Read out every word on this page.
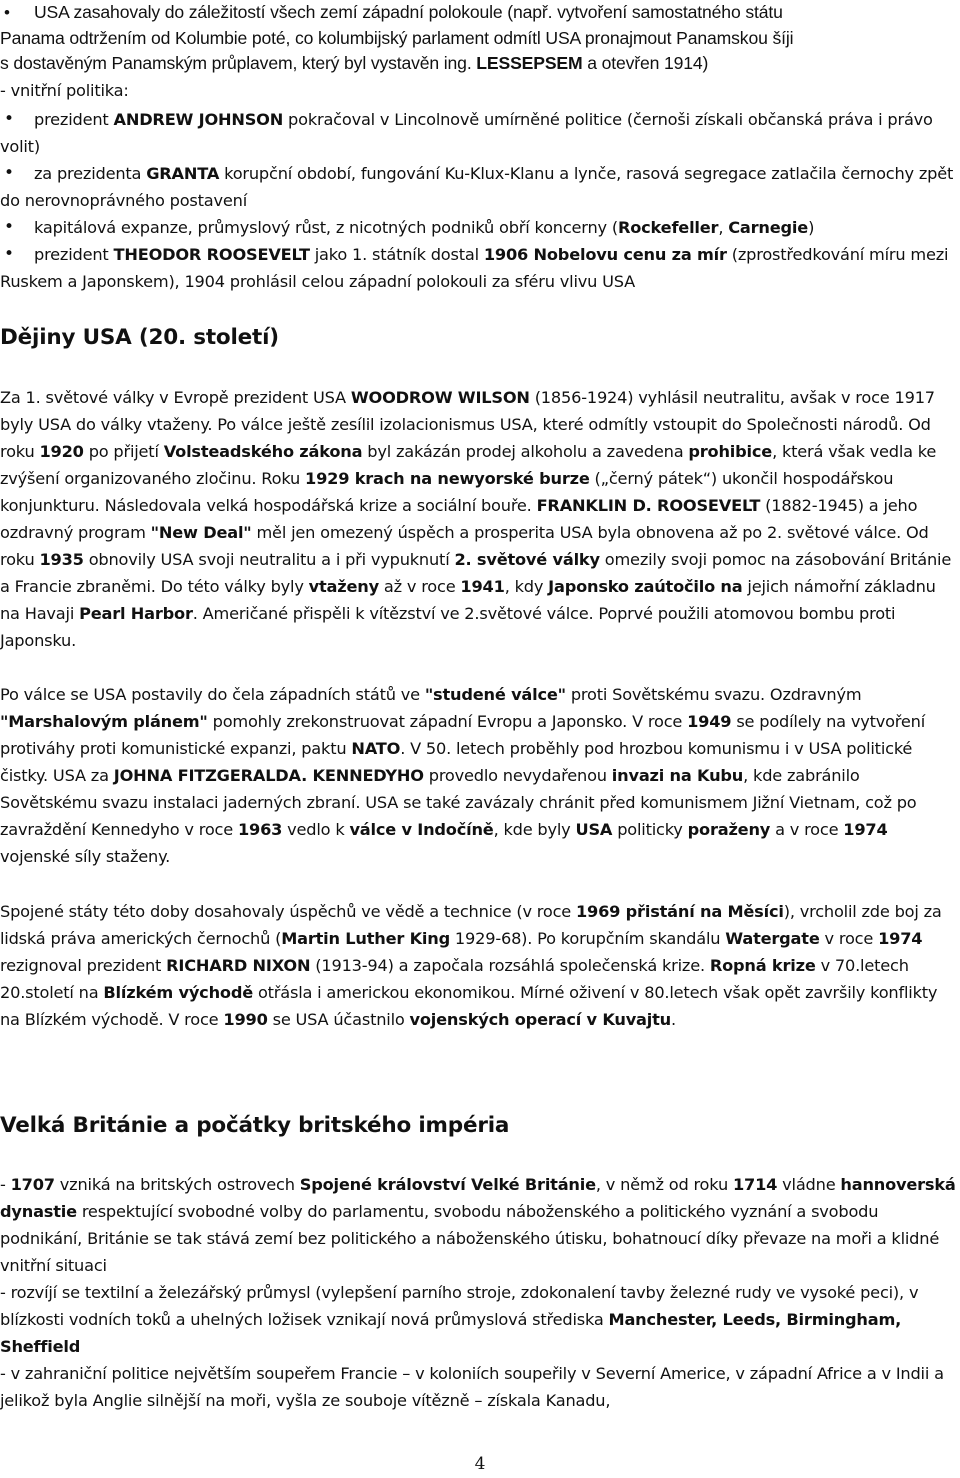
• USA zasahovaly do záležitostí všech zemí západní polokoule (např. vytvoření samostatného státu
Panama odtržením od Kolumbie poté, co kolumbijský parlament odmítl USA pronajmout Panamskou šíji
s dostavěným Panamským průplavem, který byl vystavěn ing. LESSEPSEM a otevřen 1914)
- vnitřní politika:

• prezident ANDREW JOHNSON pokračoval v Lincolnově umírněné politice (černoši získali občanská práva i právo volit)

• za prezidenta GRANTA korupční období, fungování Ku-Klux-Klanu a lynče, rasová segregace zatlačila černochy zpět do nerovnoprávného postavení

• kapitálová expanze, průmyslový růst, z nicotných podniků obří koncerny (Rockefeller, Carnegie)

• prezident THEODOR ROOSEVELT jako 1. státník dostal 1906 Nobelovu cenu za mír (zprostředkování míru mezi Ruskem a Japonskem), 1904 prohlásil celou západní polokouli za sféru vlivu USA

Dějiny USA (20. století)
Za 1. světové války v Evropě prezident USA WOODROW WILSON (1856-1924) vyhlásil neutralitu, avšak v roce 1917 byly USA do války vtaženy. Po válce ještě zesílil izolacionismus USA, které odmítly vstoupit do Společnosti národů. Od roku 1920 po přijetí Volsteadského zákona byl zakázán prodej alkoholu a zavedena prohibice, která však vedla ke zvýšení organizovaného zločinu. Roku 1929 krach na newyorské burze („černý pátek“) ukončil hospodářskou konjunkturu. Následovala velká hospodářská krize a sociální bouře. FRANKLIN D. ROOSEVELT (1882-1945) a jeho ozdravný program "New Deal" měl jen omezený úspěch a prosperita USA byla obnovena až po 2. světové válce. Od roku 1935 obnovily USA svoji neutralitu a i při vypuknutí 2. světové války omezily svoji pomoc na zásobování Británie a Francie zbraněmi. Do této války byly vtaženy až v roce 1941, kdy Japonsko zaútočilo na jejich námořní základnu na Havaji Pearl Harbor. Američané přispěli k vítězství ve 2.světové válce. Poprvé použili atomovou bombu proti Japonsku.
Po válce se USA postavily do čela západních států ve "studené válce" proti Sovětskému svazu. Ozdravným "Marshalovým plánem" pomohly zrekonstruovat západní Evropu a Japonsko. V roce 1949 se podílely na vytvoření protiváhy proti komunistické expanzi, paktu NATO. V 50. letech proběhly pod hrozbou komunismu i v USA politické čistky. USA za JOHNA FITZGERALDA. KENNEDYHO provedlo nevydařenou invazi na Kubu, kde zabránilo Sovětskému svazu instalaci jaderných zbraní. USA se také zavázaly chránit před komunismem Jižní Vietnam, což po zavraždění Kennedyho v roce 1963 vedlo k válce v Indočíně, kde byly USA politicky poraženy a v roce 1974 vojenské síly staženy.
Spojené státy této doby dosahovaly úspěchů ve vědě a technice (v roce 1969 přistání na Měsíci), vrcholil zde boj za lidská práva amerických černochů (Martin Luther King 1929-68). Po korupčním skandálu Watergate v roce 1974 rezignoval prezident RICHARD NIXON (1913-94) a započala rozsáhlá společenská krize. Ropná krize v 70.letech 20.století na Blízkém východě otřásla i americkou ekonomikou. Mírné oživení v 80.letech však opět završily konflikty na Blízkém východě. V roce 1990 se USA účastnilo vojenských operací v Kuvajtu.
Velká Británie a počátky britského impéria

- 1707 vzniká na britských ostrovech Spojené království Velké Británie, v němž od roku 1714 vládne hannoverská dynastie respektující svobodné volby do parlamentu, svobodu náboženského a politického vyznání a svobodu podnikání, Británie se tak stává zemí bez politického a náboženského útisku, bohatnoucí díky převaze na moři a klidné vnitřní situaci

- rozvíjí se textilní a železářský průmysl (vylepšení parního stroje, zdokonalení tavby železné rudy ve vysoké peci), v blízkosti vodních toků a uhelných ložisek vznikají nová průmyslová střediska Manchester, Leeds, Birmingham, Sheffield

- v zahraniční politice největším soupeřem Francie – v koloniích soupeřily v Severní Americe, v západní Africe a v Indii a jelikož byla Anglie silnější na moři, vyšla ze souboje vítězně – získala Kanadu,

4
